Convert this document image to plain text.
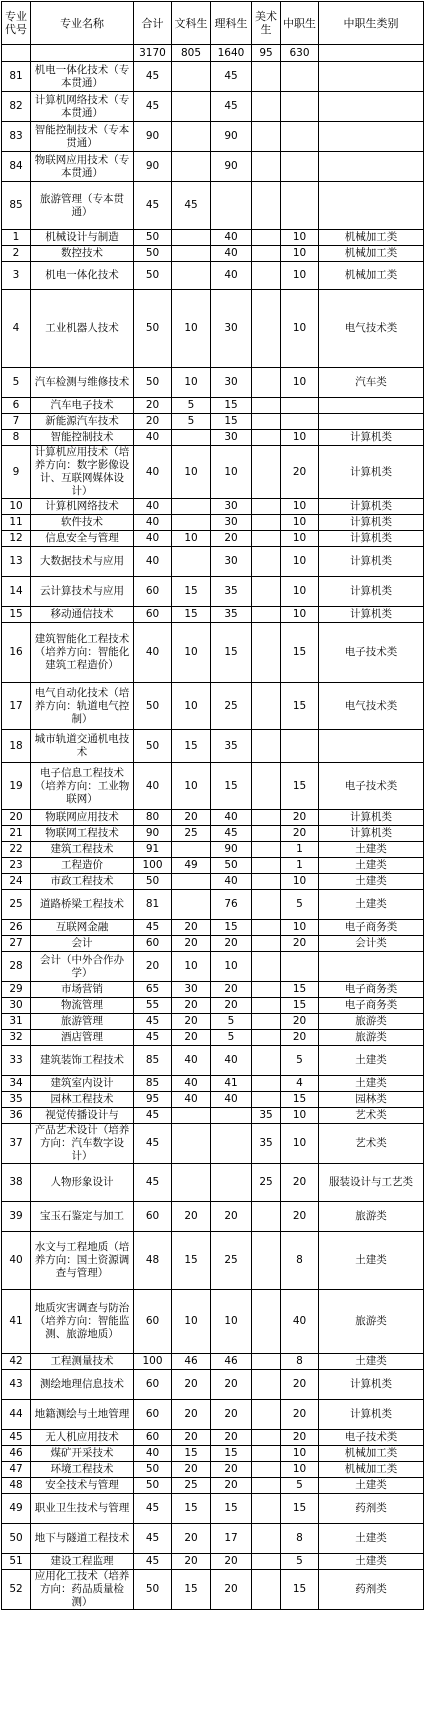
专业代号	专业名称	合计	文科生	理科生	美术生	中职生	中职生类别
		3170	805	1640	95	630	
81	机电一体化技术（专本贯通）	45		45			
82	计算机网络技术（专本贯通）	45		45			
83	智能控制技术（专本贯通）	90		90			
84	物联网应用技术（专本贯通）	90		90			
85	旅游管理（专本贯通）	45	45				
1	机械设计与制造	50		40		10	机械加工类
2	数控技术	50		40		10	机械加工类
3	机电一体化技术	50		40		10	机械加工类
4	工业机器人技术	50	10	30		10	电气技术类
5	汽车检测与维修技术	50	10	30		10	汽车类
6	汽车电子技术	20	5	15			
7	新能源汽车技术	20	5	15			
8	智能控制技术	40		30		10	计算机类
9	计算机应用技术（培养方向：数字影像设计、互联网媒体设计）	40	10	10		20	计算机类
10	计算机网络技术	40		30		10	计算机类
11	软件技术	40		30		10	计算机类
12	信息安全与管理	40	10	20		10	计算机类
13	大数据技术与应用	40		30		10	计算机类
14	云计算技术与应用	60	15	35		10	计算机类
15	移动通信技术	60	15	35		10	计算机类
16	建筑智能化工程技术（培养方向：智能化建筑工程造价）	40	10	15		15	电子技术类
17	电气自动化技术（培养方向：轨道电气控制）	50	10	25		15	电气技术类
18	城市轨道交通机电技术	50	15	35			
19	电子信息工程技术（培养方向：工业物联网）	40	10	15		15	电子技术类
20	物联网应用技术	80	20	40		20	计算机类
21	物联网工程技术	90	25	45		20	计算机类
22	建筑工程技术	91		90		1	土建类
23	工程造价	100	49	50		1	土建类
24	市政工程技术	50		40		10	土建类
25	道路桥梁工程技术	81		76		5	土建类
26	互联网金融	45	20	15		10	电子商务类
27	会计	60	20	20		20	会计类
28	会计（中外合作办学）	20	10	10			
29	市场营销	65	30	20		15	电子商务类
30	物流管理	55	20	20		15	电子商务类
31	旅游管理	45	20	5		20	旅游类
32	酒店管理	45	20	5		20	旅游类
33	建筑装饰工程技术	85	40	40		5	土建类
34	建筑室内设计	85	40	41		4	土建类
35	园林工程技术	95	40	40		15	园林类
36	视觉传播设计与	45			35	10	艺术类
37	产品艺术设计（培养方向：汽车数字设计）	45			35	10	艺术类
38	人物形象设计	45			25	20	服装设计与工艺类
39	宝玉石鉴定与加工	60	20	20		20	旅游类
40	水文与工程地质（培养方向：国土资源调查与管理）	48	15	25		8	土建类
41	地质灾害调查与防治（培养方向：智能监测、旅游地质）	60	10	10		40	旅游类
42	工程测量技术	100	46	46		8	土建类
43	测绘地理信息技术	60	20	20		20	计算机类
44	地籍测绘与土地管理	60	20	20		20	计算机类
45	无人机应用技术	60	20	20		20	电子技术类
46	煤矿开采技术	40	15	15		10	机械加工类
47	环境工程技术	50	20	20		10	机械加工类
48	安全技术与管理	50	25	20		5	土建类
49	职业卫生技术与管理	45	15	15		15	药剂类
50	地下与隧道工程技术	45	20	17		8	土建类
51	建设工程监理	45	20	20		5	土建类
52	应用化工技术（培养方向：药品质量检测）	50	15	20		15	药剂类
